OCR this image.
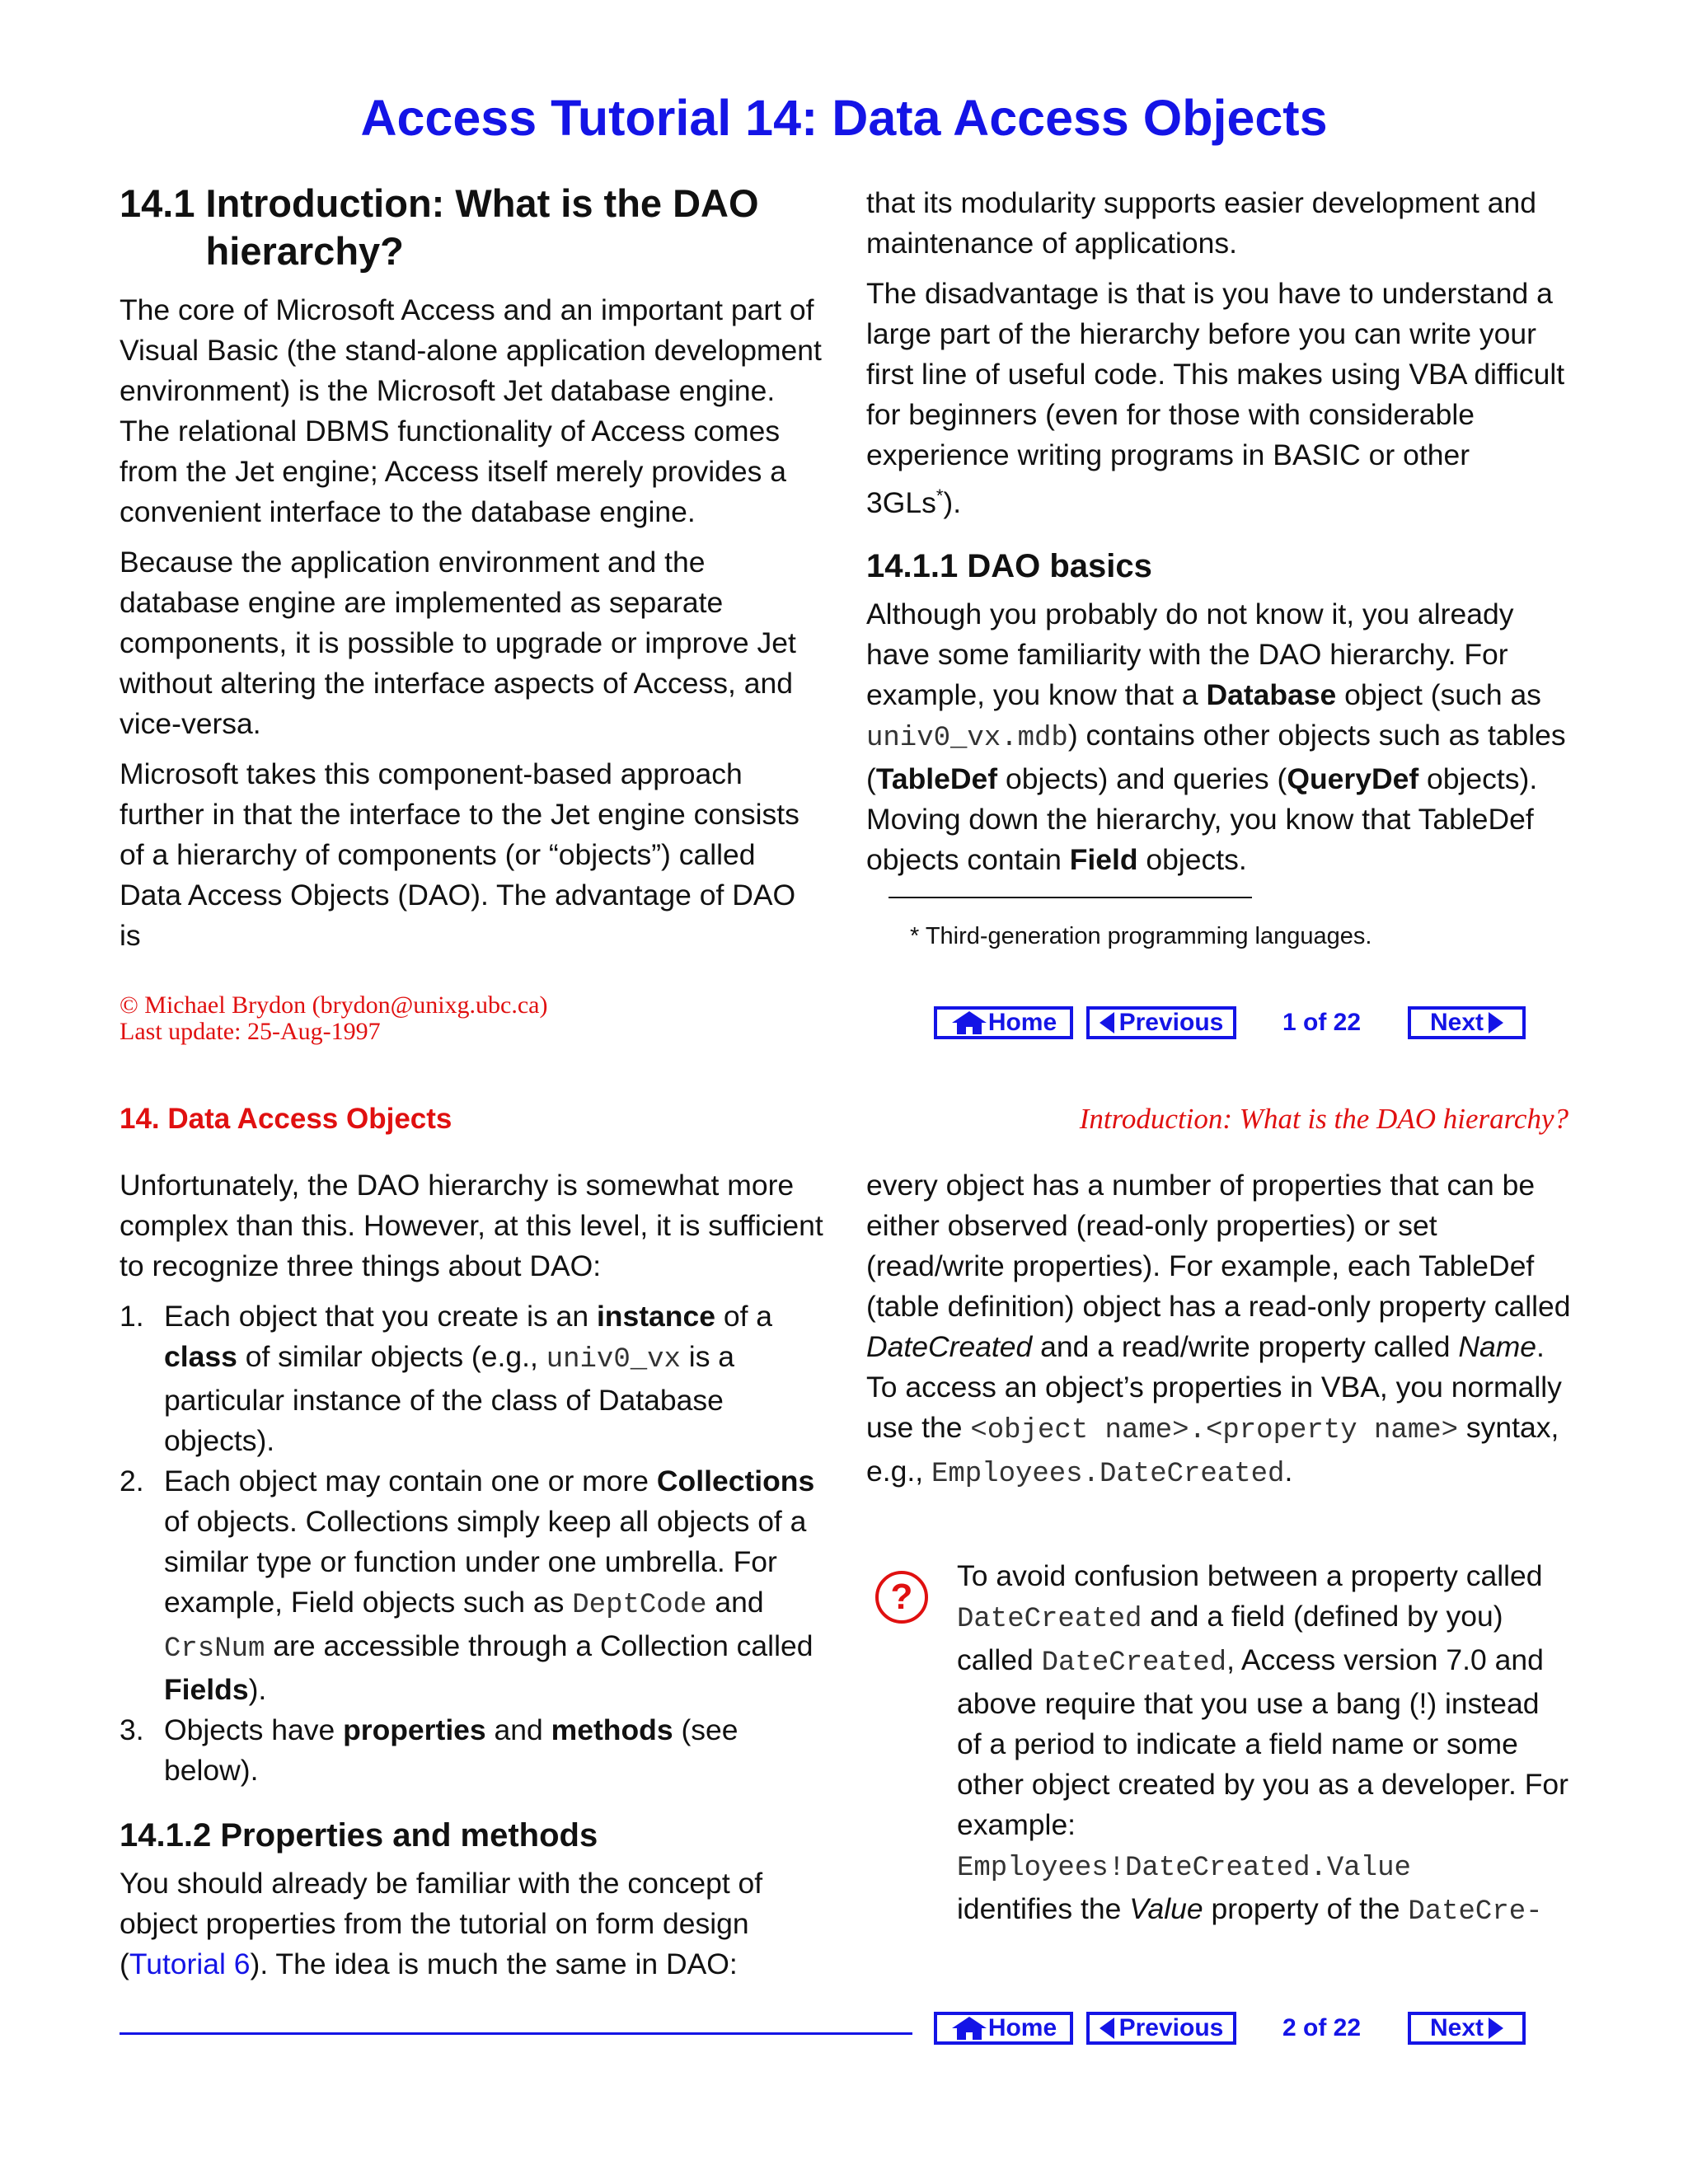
Access Tutorial 14: Data Access Objects
14.1 Introduction: What is the DAO hierarchy?

The core of Microsoft Access and an important part of Visual Basic (the stand-alone application development environment) is the Microsoft Jet database engine. The relational DBMS functionality of Access comes from the Jet engine; Access itself merely provides a convenient interface to the database engine.

Because the application environment and the database engine are implemented as separate components, it is possible to upgrade or improve Jet without altering the interface aspects of Access, and vice-versa.

Microsoft takes this component-based approach further in that the interface to the Jet engine consists of a hierarchy of components (or “objects”) called Data Access Objects (DAO). The advantage of DAO is

that its modularity supports easier development and maintenance of applications.

The disadvantage is that is you have to understand a large part of the hierarchy before you can write your first line of useful code. This makes using VBA difficult for beginners (even for those with considerable experience writing programs in BASIC or other 3GLs*).

14.1.1 DAO basics

Although you probably do not know it, you already have some familiarity with the DAO hierarchy. For example, you know that a Database object (such as univ0_vx.mdb) contains other objects such as tables (TableDef objects) and queries (QueryDef objects). Moving down the hierarchy, you know that TableDef objects contain Field objects.

* Third-generation programming languages.
© Michael Brydon (brydon@unixg.ubc.ca)
Last update: 25-Aug-1997	Home	Previous 1 of 22	Next
14. Data Access Objects	Introduction: What is the DAO hierarchy?

Unfortunately, the DAO hierarchy is somewhat more complex than this. However, at this level, it is sufficient to recognize three things about DAO:

1. Each object that you create is an instance of a class of similar objects (e.g., univ0_vx is a particular instance of the class of Database objects).
2. Each object may contain one or more Collections of objects. Collections simply keep all objects of a similar type or function under one umbrella. For example, Field objects such as DeptCode and CrsNum are accessible through a Collection called Fields).
3. Objects have properties and methods (see below).
14.1.2 Properties and methods

You should already be familiar with the concept of object properties from the tutorial on form design (Tutorial 6). The idea is much the same in DAO:

every object has a number of properties that can be either observed (read-only properties) or set (read/write properties). For example, each TableDef (table definition) object has a read-only property called DateCreated and a read/write property called Name. To access an object’s properties in VBA, you normally use the <object name>.<property name> syntax, e.g., Employees.DateCreated.

?

To avoid confusion between a property called DateCreated and a field (defined by you) called DateCreated, Access version 7.0 and above require that you use a bang (!) instead of a period to indicate a field name or some other object created by you as a developer. For example:
Employees!DateCreated.Value
identifies the Value property of the DateCre-

Home	Previous 2 of 22	Next
